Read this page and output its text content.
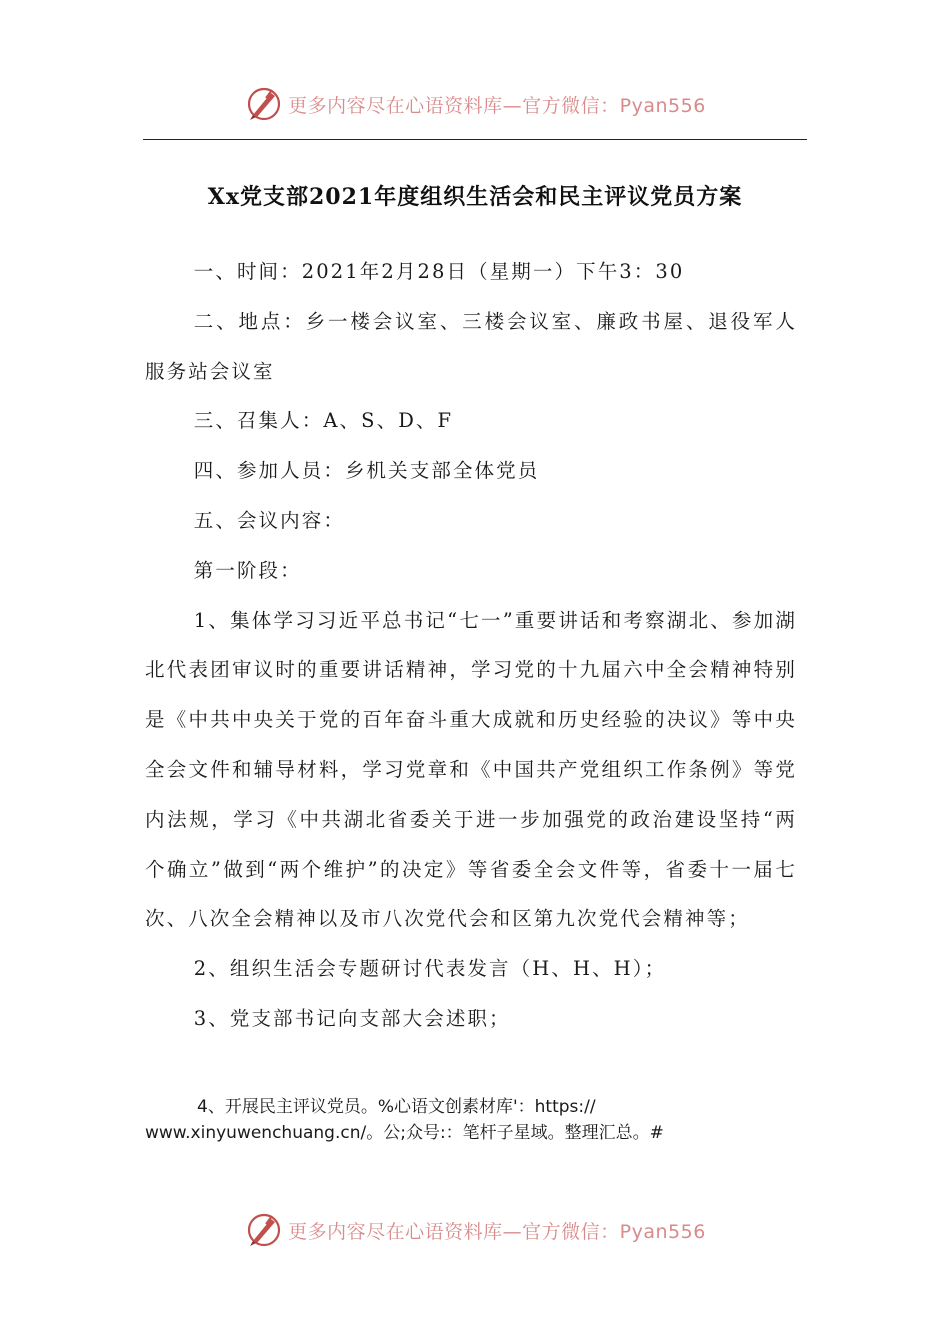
更多内容尽在心语资料库—官方微信：Pyan556
Xx党支部2021年度组织生活会和民主评议党员方案

一、时间：2021年2月28日（星期一）下午3：30

二、地点：乡一楼会议室、三楼会议室、廉政书屋、退役军人服务站会议室

三、召集人：A、S、D、F

四、参加人员：乡机关支部全体党员

五、会议内容：

第一阶段：

1、集体学习习近平总书记“七一”重要讲话和考察湖北、参加湖北代表团审议时的重要讲话精神，学习党的十九届六中全会精神特别是《中共中央关于党的百年奋斗重大成就和历史经验的决议》等中央全会文件和辅导材料，学习党章和《中国共产党组织工作条例》等党内法规，学习《中共湖北省委关于进一步加强党的政治建设坚持“两个确立”做到“两个维护”的决定》等省委全会文件等，省委十一届七次、八次全会精神以及市八次党代会和区第九次党代会精神等；

2、组织生活会专题研讨代表发言（H、H、H）；

3、党支部书记向支部大会述职；

4、开展民主评议党员。%心语文创素材库'：https://
www.xinyuwenchuang.cn/。公;众号:：笔杆子星域。整理汇总。#
更多内容尽在心语资料库—官方微信：Pyan556
